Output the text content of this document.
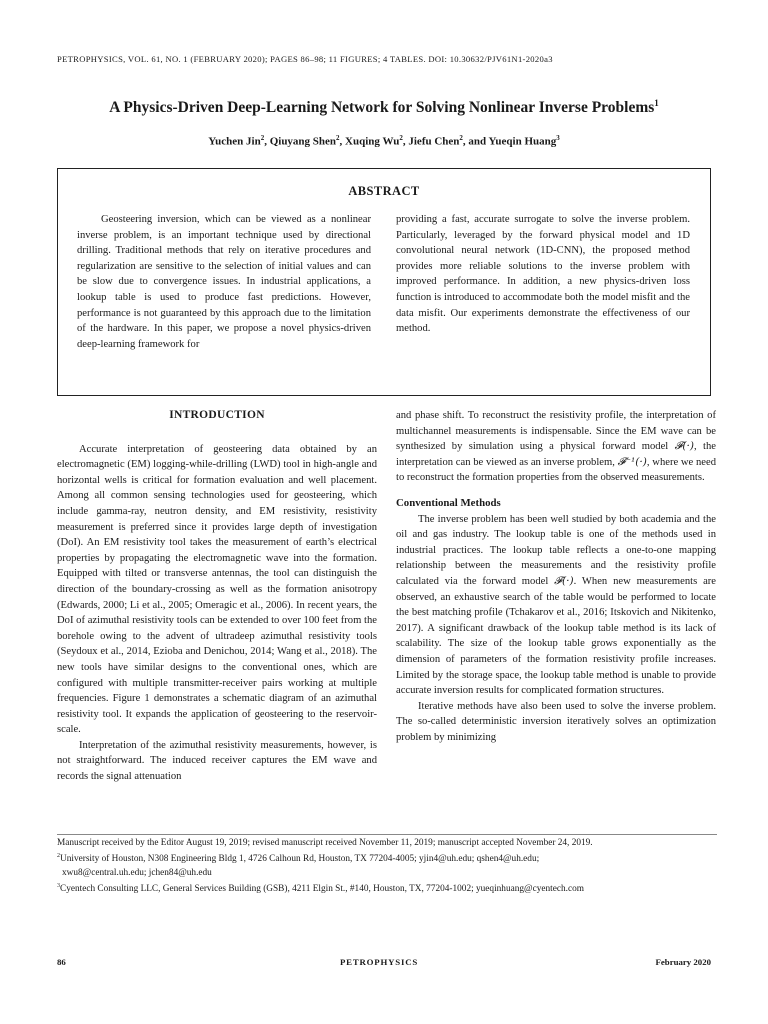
PETROPHYSICS, VOL. 61, NO. 1 (FEBRUARY 2020); PAGES 86–98; 11 FIGURES; 4 TABLES. DOI: 10.30632/PJV61N1-2020a3
A Physics-Driven Deep-Learning Network for Solving Nonlinear Inverse Problems$^1$
Yuchen Jin$^2$, Qiuyang Shen$^2$, Xuqing Wu$^2$, Jiefu Chen$^2$, and Yueqin Huang$^3$
ABSTRACT
Geosteering inversion, which can be viewed as a nonlinear inverse problem, is an important technique used by directional drilling. Traditional methods that rely on iterative procedures and regularization are sensitive to the selection of initial values and can be slow due to convergence issues. In industrial applications, a lookup table is used to produce fast predictions. However, performance is not guaranteed by this approach due to the limitation of the hardware. In this paper, we propose a novel physics-driven deep-learning framework for
providing a fast, accurate surrogate to solve the inverse problem. Particularly, leveraged by the forward physical model and 1D convolutional neural network (1D-CNN), the proposed method provides more reliable solutions to the inverse problem with improved performance. In addition, a new physics-driven loss function is introduced to accommodate both the model misfit and the data misfit. Our experiments demonstrate the effectiveness of our method.
INTRODUCTION

Accurate interpretation of geosteering data obtained by an electromagnetic (EM) logging-while-drilling (LWD) tool in high-angle and horizontal wells is critical for formation evaluation and well placement. Among all common sensing technologies used for geosteering, which include gamma-ray, neutron density, and EM resistivity, resistivity measurement is preferred since it provides large depth of investigation (DoI). An EM resistivity tool takes the measurement of earth’s electrical properties by propagating the electromagnetic wave into the formation. Equipped with tilted or transverse antennas, the tool can distinguish the direction of the boundary-crossing as well as the formation anisotropy (Edwards, 2000; Li et al., 2005; Omeragic et al., 2006). In recent years, the DoI of azimuthal resistivity tools can be extended to over 100 feet from the borehole owing to the advent of ultradeep azimuthal resistivity tools (Seydoux et al., 2014, Ezioba and Denichou, 2014; Wang et al., 2018). The new tools have similar designs to the conventional ones, which are configured with multiple transmitter-receiver pairs working at multiple frequencies. Figure 1 demonstrates a schematic diagram of an azimuthal resistivity tool. It expands the application of geosteering to the reservoir-scale.

Interpretation of the azimuthal resistivity measurements, however, is not straightforward. The induced receiver captures the EM wave and records the signal attenuation

and phase shift. To reconstruct the resistivity profile, the interpretation of multichannel measurements is indispensable. Since the EM wave can be synthesized by simulation using a physical forward model 𝓕(·), the interpretation can be viewed as an inverse problem, 𝓕⁻¹(·), where we need to reconstruct the formation properties from the observed measurements.

Conventional Methods

The inverse problem has been well studied by both academia and the oil and gas industry. The lookup table is one of the methods used in industrial practices. The lookup table reflects a one-to-one mapping relationship between the measurements and the resistivity profile calculated via the forward model 𝓕(·). When new measurements are observed, an exhaustive search of the table would be performed to locate the best matching profile (Tchakarov et al., 2016; Itskovich and Nikitenko, 2017). A significant drawback of the lookup table method is its lack of scalability. The size of the lookup table grows exponentially as the dimension of parameters of the formation resistivity profile increases. Limited by the storage space, the lookup table method is unable to provide accurate inversion results for complicated formation structures.

Iterative methods have also been used to solve the inverse problem. The so-called deterministic inversion iteratively solves an optimization problem by minimizing

Manuscript received by the Editor August 19, 2019; revised manuscript received November 11, 2019; manuscript accepted November 24, 2019.
$^2$University of Houston, N308 Engineering Bldg 1, 4726 Calhoun Rd, Houston, TX 77204-4005; yjin4@uh.edu; qshen4@uh.edu;
xwu8@central.uh.edu; jchen84@uh.edu
$^3$Cyentech Consulting LLC, General Services Building (GSB), 4211 Elgin St., #140, Houston, TX, 77204-1002; yueqinhuang@cyentech.com
86	PETROPHYSICS	February 2020
